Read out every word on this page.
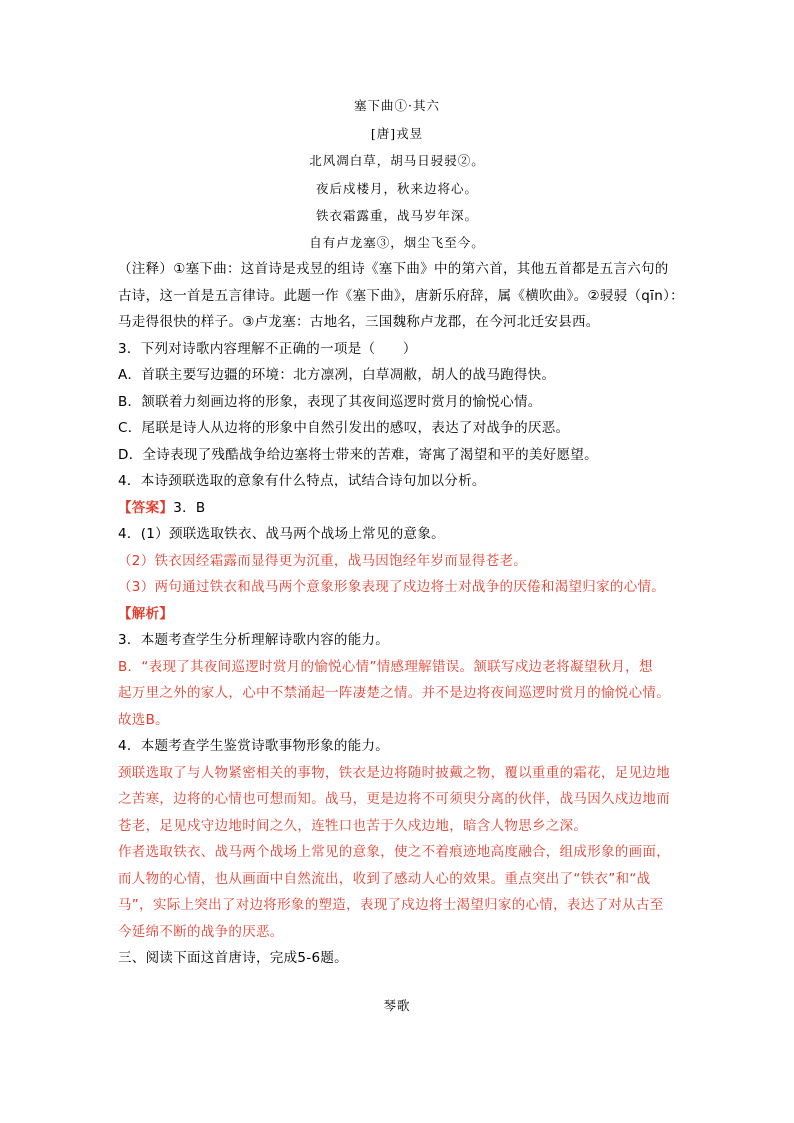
塞下曲①·其六
[唐]戎昱
北风凋白草，胡马日骎骎②。
夜后戍楼月，秋来边将心。
铁衣霜露重，战马岁年深。
自有卢龙塞③，烟尘飞至今。
（注释）①塞下曲：这首诗是戎昱的组诗《塞下曲》中的第六首，其他五首都是五言六句的
古诗，这一首是五言律诗。此题一作《塞下曲》，唐新乐府辞，属《横吹曲》。②骎骎（qīn）：
马走得很快的样子。③卢龙塞：古地名，三国魏称卢龙郡，在今河北迁安县西。
3．下列对诗歌内容理解不正确的一项是（　　）
A．首联主要写边疆的环境：北方凛冽，白草凋敝，胡人的战马跑得快。
B．颔联着力刻画边将的形象，表现了其夜间巡逻时赏月的愉悦心情。
C．尾联是诗人从边将的形象中自然引发出的感叹，表达了对战争的厌恶。
D．全诗表现了残酷战争给边塞将士带来的苦难，寄寓了渴望和平的美好愿望。
4．本诗颈联选取的意象有什么特点，试结合诗句加以分析。
【答案】3．B
4．(1）颈联选取铁衣、战马两个战场上常见的意象。
（2）铁衣因经霜露而显得更为沉重，战马因饱经年岁而显得苍老。
（3）两句通过铁衣和战马两个意象形象表现了戍边将士对战争的厌倦和渴望归家的心情。
【解析】
3．本题考查学生分析理解诗歌内容的能力。
B．“表现了其夜间巡逻时赏月的愉悦心情”情感理解错误。颔联写戍边老将凝望秋月，想
起万里之外的家人，心中不禁涌起一阵凄楚之情。并不是边将夜间巡逻时赏月的愉悦心情。
故选B。
4．本题考查学生鉴赏诗歌事物形象的能力。
颈联选取了与人物紧密相关的事物，铁衣是边将随时披戴之物，覆以重重的霜花，足见边地
之苦寒，边将的心情也可想而知。战马，更是边将不可须臾分离的伙伴，战马因久戍边地而
苍老，足见戍守边地时间之久，连牲口也苦于久戍边地，暗含人物思乡之深。
作者选取铁衣、战马两个战场上常见的意象，使之不着痕迹地高度融合，组成形象的画面，
而人物的心情，也从画面中自然流出，收到了感动人心的效果。重点突出了“铁衣”和“战
马”，实际上突出了对边将形象的塑造，表现了戍边将士渴望归家的心情，表达了对从古至
今延绵不断的战争的厌恶。
三、阅读下面这首唐诗，完成5-6题。
琴歌
